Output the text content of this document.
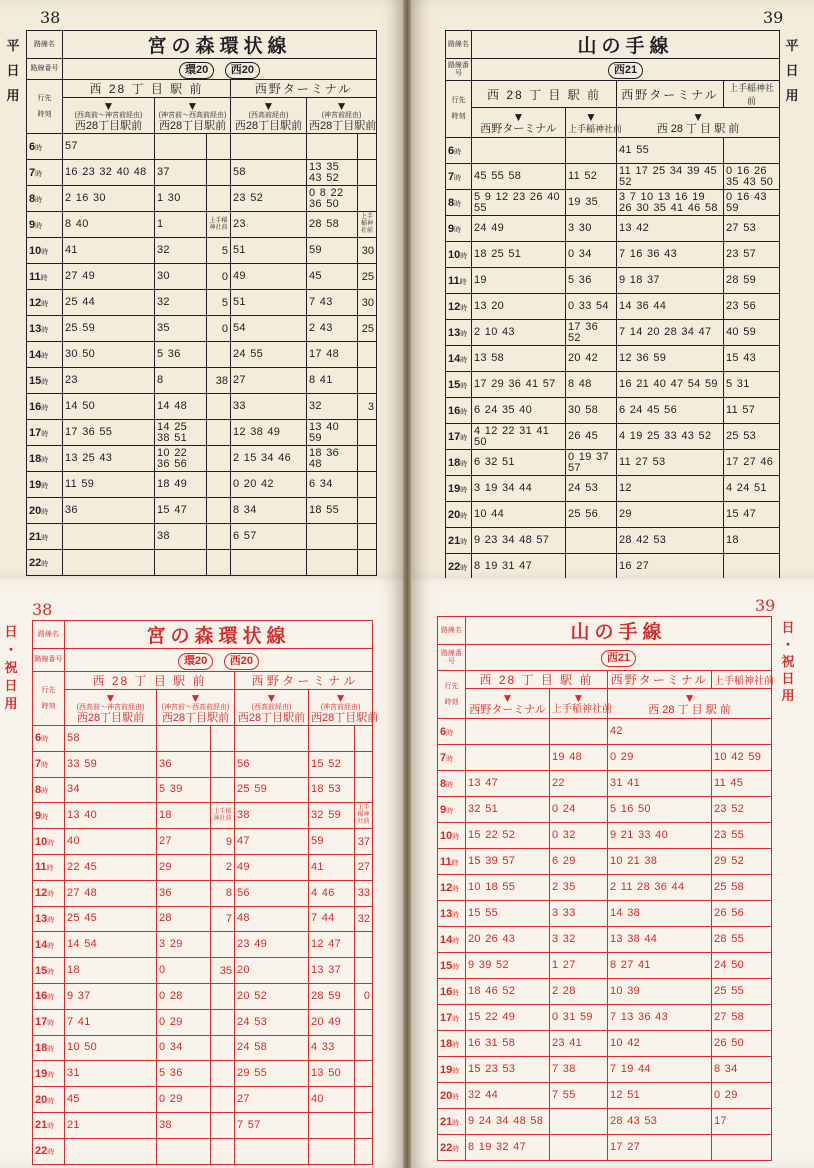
38
平
日
用
路線名	宮の森環状線					
路線番号	環20 西20					
行先

時刻	西 28 丁 目 駅 前			西野ターミナル		

	▼
(西高前〜神宮前経由)
西28丁目駅前	▼
(神宮前〜西高前経由)
西28丁目駅前		▼
(西高前経由)
西28丁目駅前	▼
(神宮前経由)
西28丁目駅前	

6時	57					
7時	16 23 32 40 48	37		58	13 35 43 52	
8時	2 16 30	1 30		23 52	0 8 22 36 50	
9時	8 40	1	上手稲神社前	23	28 58	上手稲神社前

10時	41	32	5	51	59	30
11時	27 49	30	0	49	45	25
12時	25 44	32	5	51	7 43	30
13時	25 59	35	0	54	2 43	25
14時	30 50	5 36		24 55	17 48	
15時	23	8	38	27	8 41	
16時	14 50	14 48		33	32	3
17時	17 36 55	14 25 38 51		12 38 49	13 40 59	
18時	13 25 43	10 22 36 56		2 15 34 46	18 36 48	
19時	11 59	18 49		0 20 42	6 34	
20時	36	15 47		8 34	18 55	
21時		38		6 57		
22時						
39
平
日
用
路線名	山の手線			
路線番号	西21			
行先

時刻	西 28 丁 目 駅 前		西野ターミナル	上手稲神社前

	▼
西野ターミナル	▼
上手稲神社前	▼
西 28 丁 目 駅 前	

6時			41 55	
7時	45 55 58	11 52	11 17 25 34 39 45 52	0 16 26 35 43 50
8時	5 9 12 23 26 40 55	19 35	3 7 10 13 16 19 26 30 35 41 46 58	0 16 43 59
9時	24 49	3 30	13 42	27 53
10時	18 25 51	0 34	7 16 36 43	23 57
11時	19	5 36	9 18 37	28 59
12時	13 20	0 33 54	14 36 44	23 56
13時	2 10 43	17 36 52	7 14 20 28 34 47	40 59
14時	13 58	20 42	12 36 59	15 43
15時	17 29 36 41 57	8 48	16 21 40 47 54 59	5 31
16時	6 24 35 40	30 58	6 24 45 56	11 57
17時	4 12 22 31 41 50	26 45	4 19 25 33 43 52	25 53
18時	6 32 51	0 19 37 57	11 27 53	17 27 46
19時	3 19 34 44	24 53	12	4 24 51
20時	10 44	25 56	29	15 47
21時	9 23 34 48 57		28 42 53	18
22時	8 19 31 47		16 27	
38
日
・
祝
日
用
路線名	宮の森環状線					
路線番号	環20 西20					
行先

時刻	西 28 丁 目 駅 前			西 野 タ ー ミ ナ ル		

	▼
(西高前〜神宮前経由)
西28丁目駅前	▼
(神宮前〜西高前経由)
西28丁目駅前		▼
(西高前経由)
西28丁目駅前	▼
(神宮前経由)
西28丁目駅前	

6時	58					
7時	33 59	36		56	15 52	
8時	34	5 39		25 59	18 53	
9時	13 40	18	上手稲神社前	38	32 59	上手稲神社前

10時	40	27	9	47	59	37
11時	22 45	29	2	49	41	27
12時	27 48	36	8	56	4 46	33
13時	25 45	28	7	48	7 44	32
14時	14 54	3 29		23 49	12 47	
15時	18	0	35	20	13 37	
16時	9 37	0 28		20 52	28 59	0
17時	7 41	0 29		24 53	20 49	
18時	10 50	0 34		24 58	4 33	
19時	31	5 36		29 55	13 50	
20時	45	0 29		27	40	
21時	21	38		7 57		
22時						
39
日
・
祝
日
用
路線名	山の手線			
路線番号	西21			
行先

時刻	西 28 丁 目 駅 前		西野ターミナル	上手稲神社前

	▼
西野ターミナル	▼
上手稲神社前	▼
西 28 丁 目 駅 前	

6時			42	
7時		19 48	0 29	10 42 59
8時	13 47	22	31 41	11 45
9時	32 51	0 24	5 16 50	23 52
10時	15 22 52	0 32	9 21 33 40	23 55
11時	15 39 57	6 29	10 21 38	29 52
12時	10 18 55	2 35	2 11 28 36 44	25 58
13時	15 55	3 33	14 38	26 56
14時	20 26 43	3 32	13 38 44	28 55
15時	9 39 52	1 27	8 27 41	24 50
16時	18 46 52	2 28	10 39	25 55
17時	15 22 49	0 31 59	7 13 36 43	27 58
18時	16 31 58	23 41	10 42	26 50
19時	15 23 53	7 38	7 19 44	8 34
20時	32 44	7 55	12 51	0 29
21時	9 24 34 48 58		28 43 53	17
22時	8 19 32 47		17 27	
